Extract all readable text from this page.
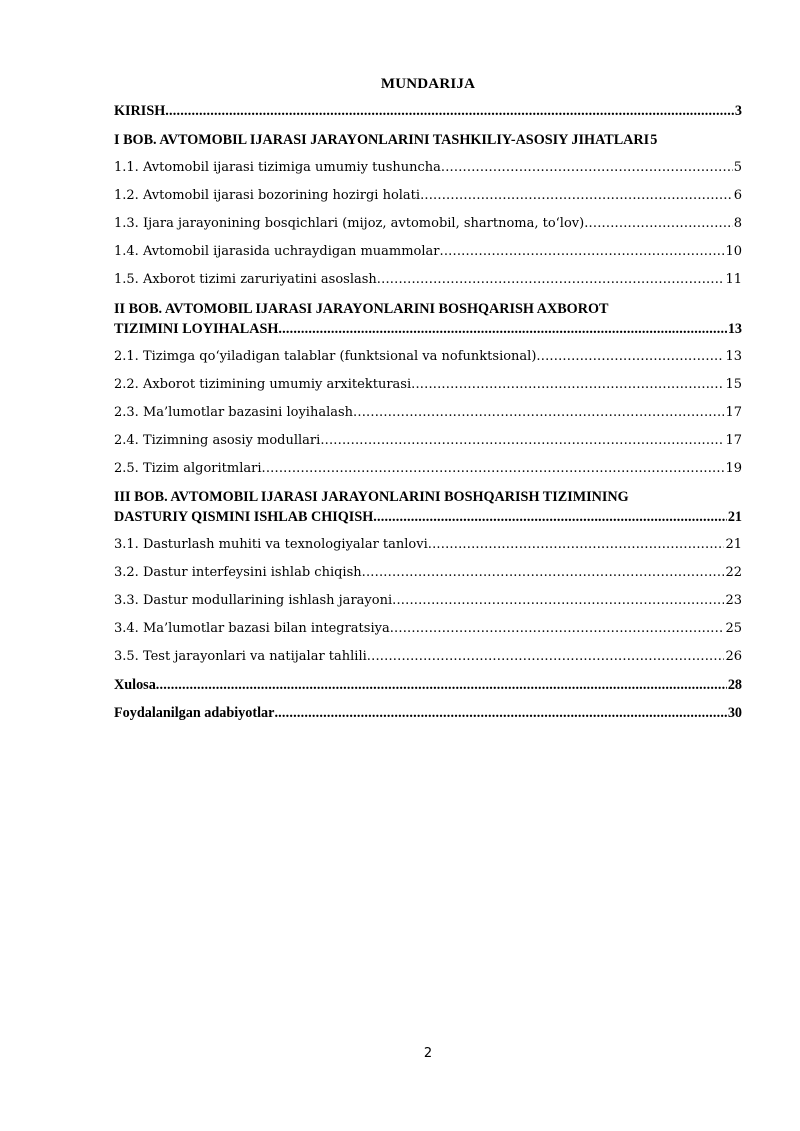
MUNDARIJA
KIRISH .....	3
I BOB. AVTOMOBIL IJARASI JARAYONLARINI TASHKILIY-ASOSIY JIHATLARI 5
1.1. Avtomobil ijarasi tizimiga umumiy tushuncha .....	5
1.2. Avtomobil ijarasi bozorining hozirgi holati .....	6
1.3. Ijara jarayonining bosqichlari (mijoz, avtomobil, shartnoma, to‘lov) .....	8
1.4. Avtomobil ijarasida uchraydigan muammolar .....	10
1.5. Axborot tizimi zaruriyatini asoslash .....	11
II BOB. AVTOMOBIL IJARASI JARAYONLARINI BOSHQARISH AXBOROT
TIZIMINI LOYIHALASH .....	13
2.1. Tizimga qo‘yiladigan talablar (funktsional va nofunktsional) .....	13
2.2. Axborot tizimining umumiy arxitekturasi .....	15
2.3. Ma’lumotlar bazasini loyihalash .....	17
2.4. Tizimning asosiy modullari .....	17
2.5. Tizim algoritmlari .....	19
III BOB. AVTOMOBIL IJARASI JARAYONLARINI BOSHQARISH TIZIMINING
DASTURIY QISMINI ISHLAB CHIQISH .....	21
3.1. Dasturlash muhiti va texnologiyalar tanlovi .....	21
3.2. Dastur interfeysini ishlab chiqish .....	22
3.3. Dastur modullarining ishlash jarayoni .....	23
3.4. Ma’lumotlar bazasi bilan integratsiya .....	25
3.5. Test jarayonlari va natijalar tahlili .....	26
Xulosa .....	28
Foydalanilgan adabiyotlar .....	30
2
